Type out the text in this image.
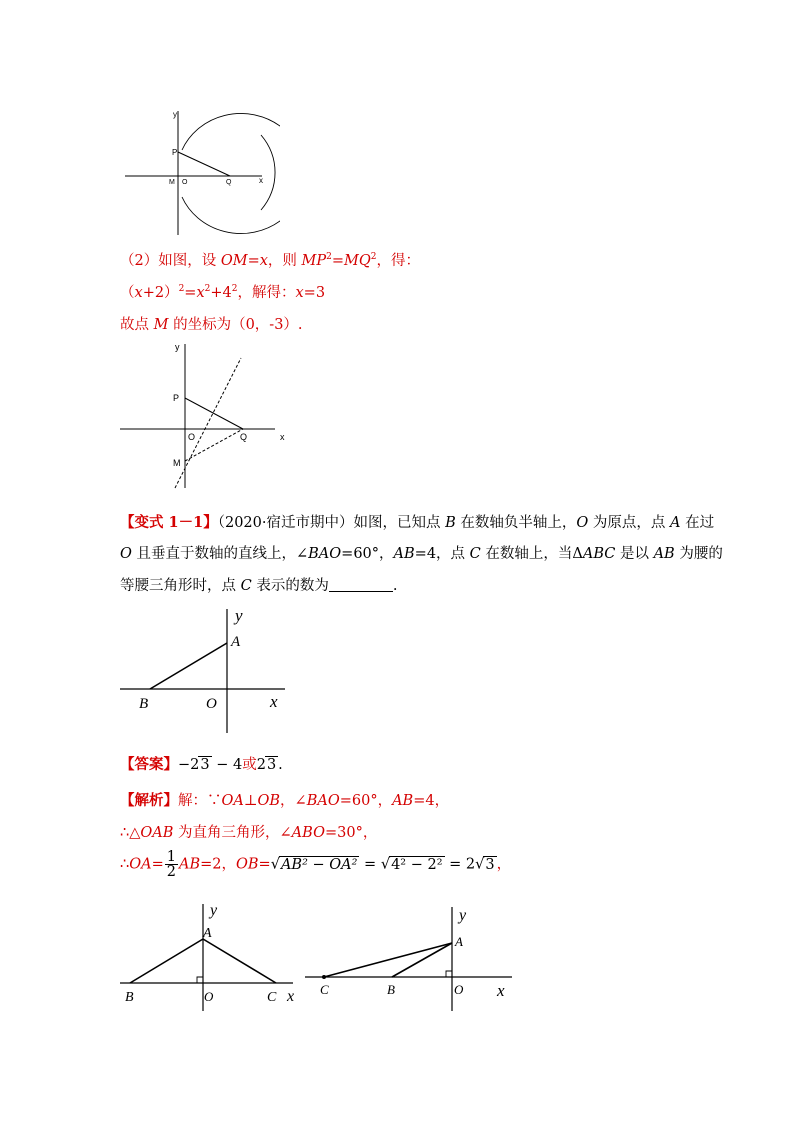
y
x
P
M O	Q
（2）如图，设 OM=x，则 $MP^2=MQ^2$，得：
$(x+2)^2=x^2+4^2$，解得：x=3
故点 M 的坐标为（0，-3）.
y
x
P
O	Q
M
【变式 1－1】（2020·宿迁市期中）如图，已知点 B 在数轴负半轴上，O 为原点，点 A 在过
O 且垂直于数轴的直线上，∠BAO=60°，AB=4，点 C 在数轴上，当ΔABC 是以 AB 为腰的
等腰三角形时，点 C 表示的数为	.
y
A
B	O	x
【答案】−23 − 4或23 .
【解析】解：∵OA⊥OB，∠BAO=60°，AB=4，
∴△OAB 为直角三角形，∠ABO=30°，
∴OA= $\frac{1}{2} AB=2$，OB=√AB² − OA² = √4² − 2² = 2√3 ，
y
A
B	O	C x
y
A
C	B	O x
